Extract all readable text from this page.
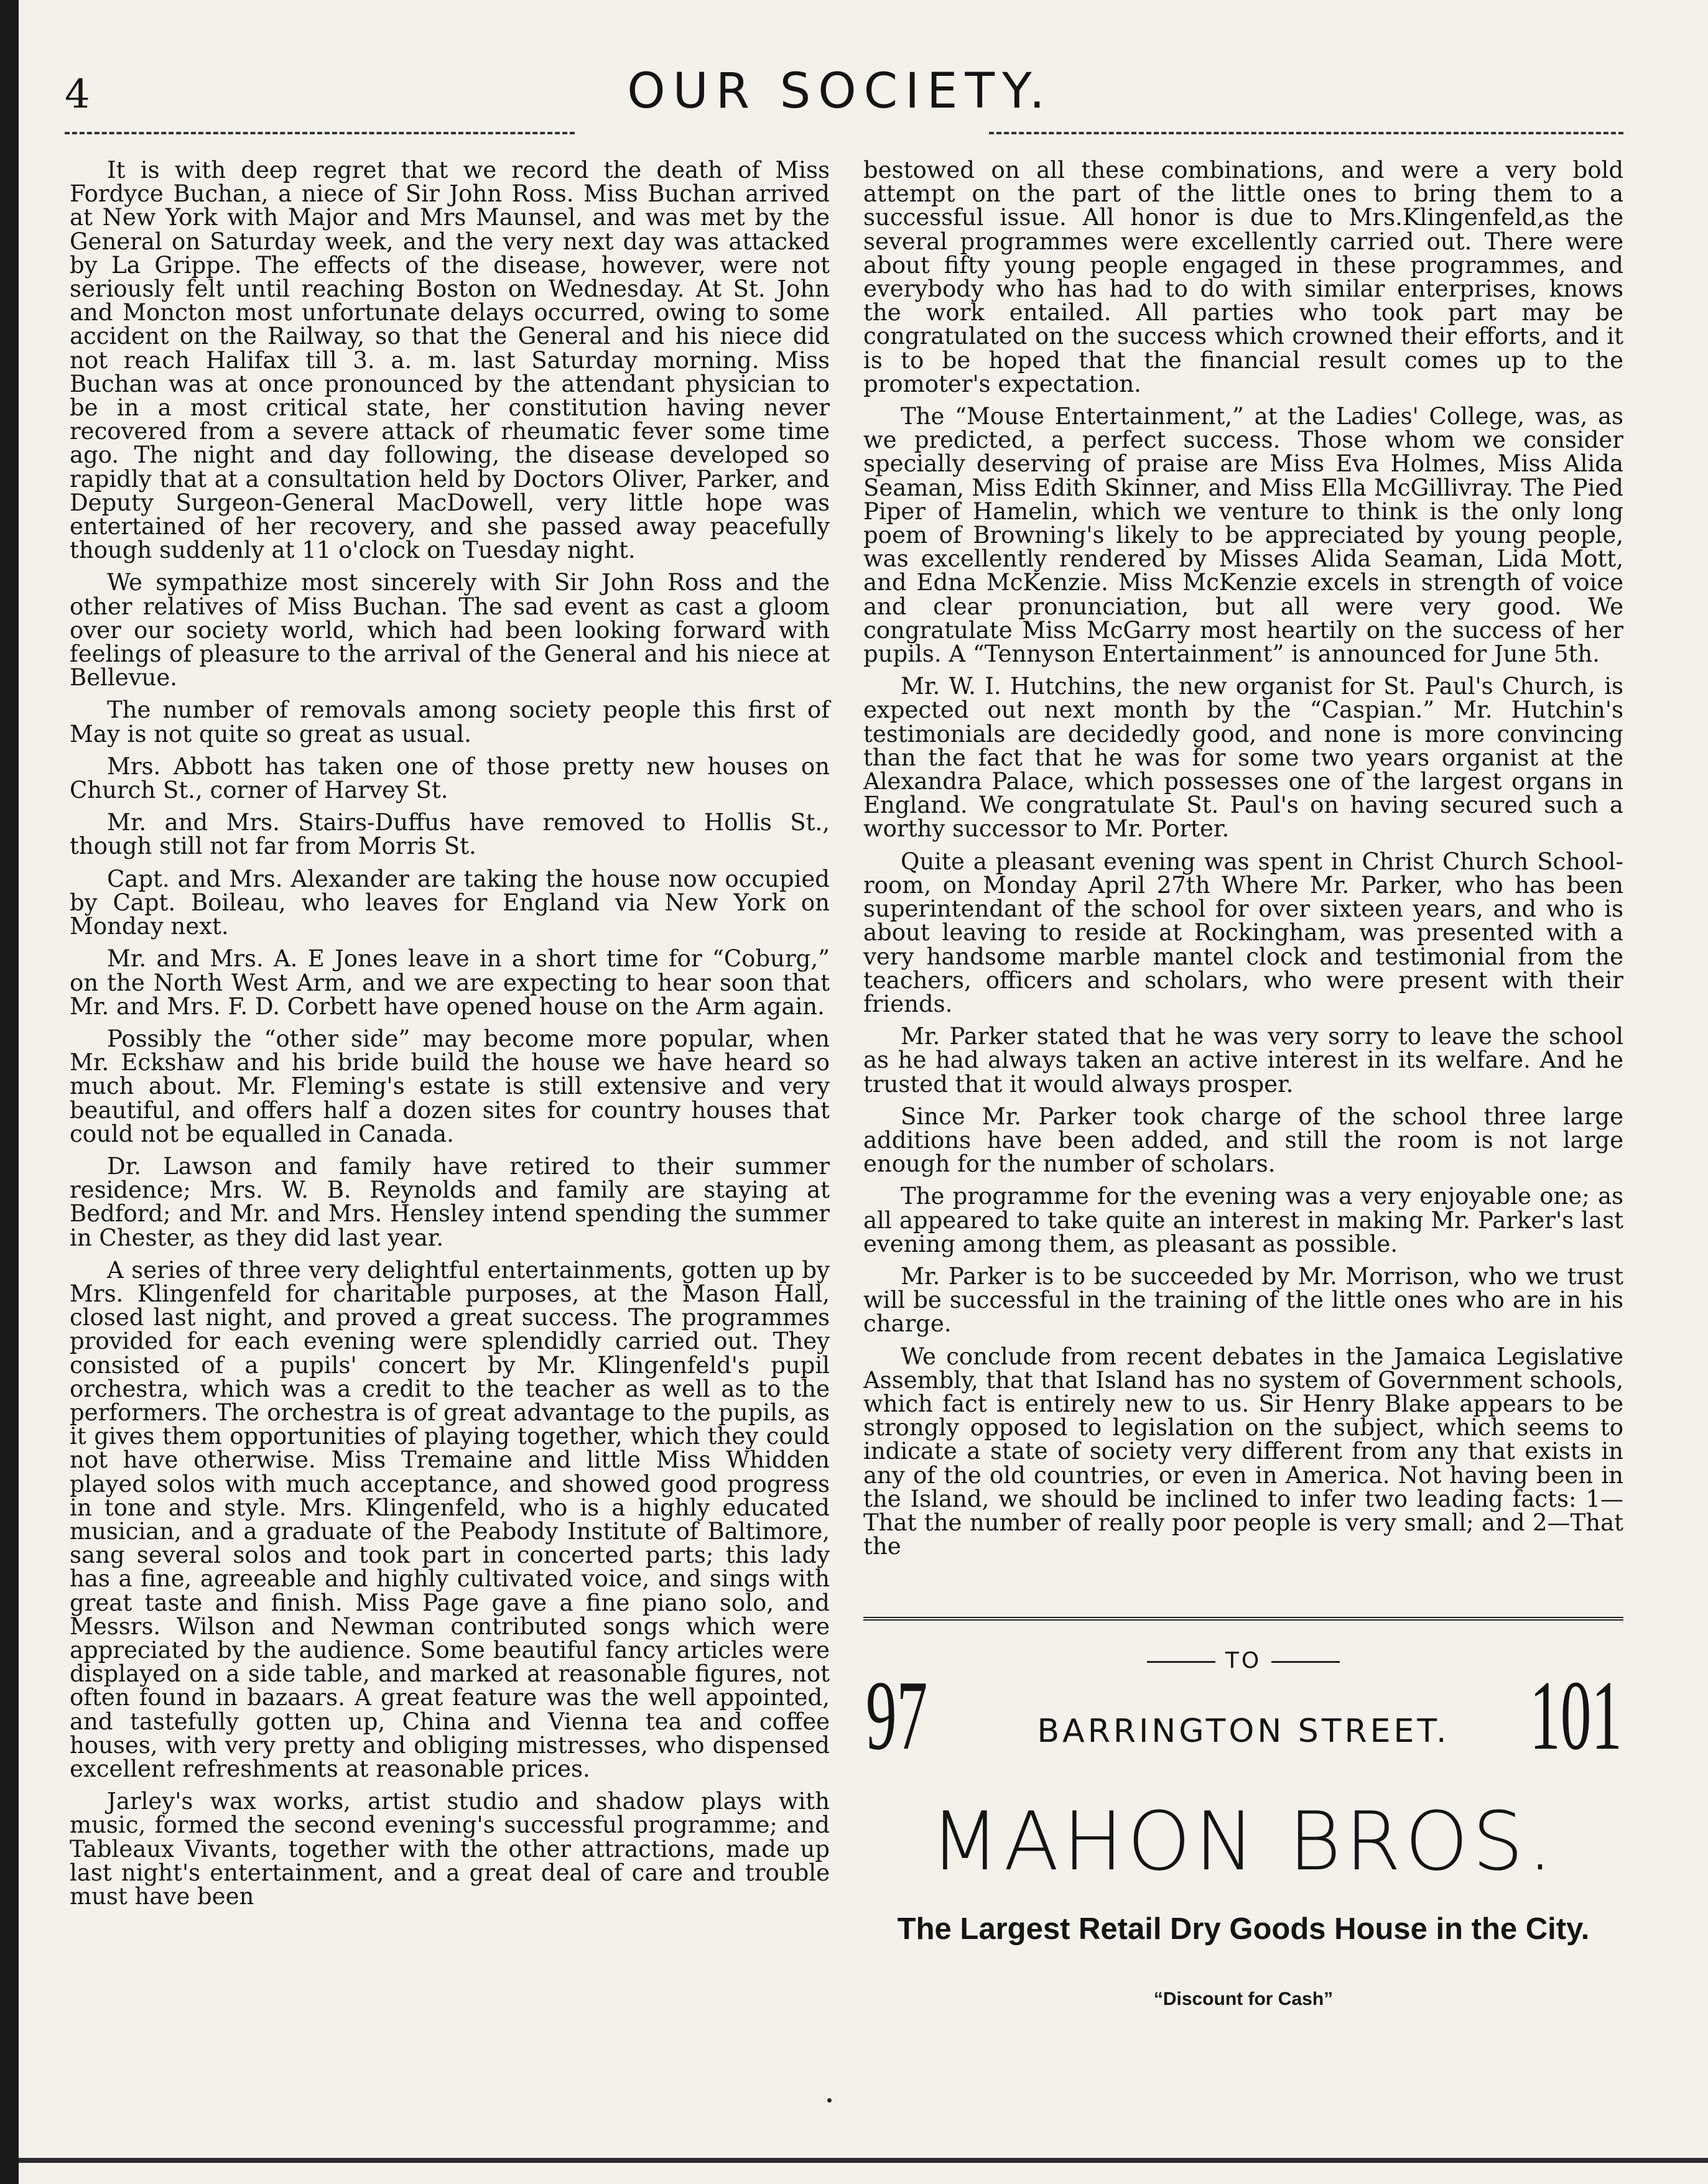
4	OUR SOCIETY.

It is with deep regret that we record the death of Miss Fordyce Buchan, a niece of Sir John Ross. Miss Buchan arrived at New York with Major and Mrs Maunsel, and was met by the General on Saturday week, and the very next day was attacked by La Grippe. The effects of the disease, however, were not seriously felt until reaching Boston on Wednesday. At St. John and Moncton most unfortunate delays occurred, owing to some accident on the Railway, so that the General and his niece did not reach Halifax till 3. a. m. last Saturday morning. Miss Buchan was at once pronounced by the attendant physician to be in a most critical state, her constitution having never recovered from a severe attack of rheumatic fever some time ago. The night and day following, the disease developed so rapidly that at a consultation held by Doctors Oliver, Parker, and Deputy Surgeon-General MacDowell, very little hope was entertained of her recovery, and she passed away peacefully though suddenly at 11 o'clock on Tuesday night.

We sympathize most sincerely with Sir John Ross and the other relatives of Miss Buchan. The sad event as cast a gloom over our society world, which had been looking forward with feelings of pleasure to the arrival of the General and his niece at Bellevue.

The number of removals among society people this first of May is not quite so great as usual.

Mrs. Abbott has taken one of those pretty new houses on Church St., corner of Harvey St.

Mr. and Mrs. Stairs-Duffus have removed to Hollis St., though still not far from Morris St.

Capt. and Mrs. Alexander are taking the house now occupied by Capt. Boileau, who leaves for England via New York on Monday next.

Mr. and Mrs. A. E Jones leave in a short time for “Coburg,” on the North West Arm, and we are expecting to hear soon that Mr. and Mrs. F. D. Corbett have opened house on the Arm again.

Possibly the “other side” may become more popular, when Mr. Eckshaw and his bride build the house we have heard so much about. Mr. Fleming's estate is still extensive and very beautiful, and offers half a dozen sites for country houses that could not be equalled in Canada.

Dr. Lawson and family have retired to their summer residence; Mrs. W. B. Reynolds and family are staying at Bedford; and Mr. and Mrs. Hensley intend spending the summer in Chester, as they did last year.

A series of three very delightful entertainments, gotten up by Mrs. Klingenfeld for charitable purposes, at the Mason Hall, closed last night, and proved a great success. The programmes provided for each evening were splendidly carried out. They consisted of a pupils' concert by Mr. Klingenfeld's pupil orchestra, which was a credit to the teacher as well as to the performers. The orchestra is of great advantage to the pupils, as it gives them opportunities of playing together, which they could not have otherwise. Miss Tremaine and little Miss Whidden played solos with much acceptance, and showed good progress in tone and style. Mrs. Klingenfeld, who is a highly educated musician, and a graduate of the Peabody Institute of Baltimore, sang several solos and took part in concerted parts; this lady has a fine, agreeable and highly cultivated voice, and sings with great taste and finish. Miss Page gave a fine piano solo, and Messrs. Wilson and Newman contributed songs which were appreciated by the audience. Some beautiful fancy articles were displayed on a side table, and marked at reasonable figures, not often found in bazaars. A great feature was the well appointed, and tastefully gotten up, China and Vienna tea and coffee houses, with very pretty and obliging mistresses, who dispensed excellent refreshments at reasonable prices.

Jarley's wax works, artist studio and shadow plays with music, formed the second evening's successful programme; and Tableaux Vivants, together with the other attractions, made up last night's entertainment, and a great deal of care and trouble must have been

bestowed on all these combinations, and were a very bold attempt on the part of the little ones to bring them to a successful issue. All honor is due to Mrs.Klingenfeld,as the several programmes were excellently carried out. There were about fifty young people engaged in these programmes, and everybody who has had to do with similar enterprises, knows the work entailed. All parties who took part may be congratulated on the success which crowned their efforts, and it is to be hoped that the financial result comes up to the promoter's expectation.

The “Mouse Entertainment,” at the Ladies' College, was, as we predicted, a perfect success. Those whom we consider specially deserving of praise are Miss Eva Holmes, Miss Alida Seaman, Miss Edith Skinner, and Miss Ella McGillivray. The Pied Piper of Hamelin, which we venture to think is the only long poem of Browning's likely to be appreciated by young people, was excellently rendered by Misses Alida Seaman, Lida Mott, and Edna McKenzie. Miss McKenzie excels in strength of voice and clear pronunciation, but all were very good. We congratulate Miss McGarry most heartily on the success of her pupils. A “Tennyson Entertainment” is announced for June 5th.

Mr. W. I. Hutchins, the new organist for St. Paul's Church, is expected out next month by the “Caspian.” Mr. Hutchin's testimonials are decidedly good, and none is more convincing than the fact that he was for some two years organist at the Alexandra Palace, which possesses one of the largest organs in England. We congratulate St. Paul's on having secured such a worthy successor to Mr. Porter.

Quite a pleasant evening was spent in Christ Church School-room, on Monday April 27th Where Mr. Parker, who has been superintendant of the school for over sixteen years, and who is about leaving to reside at Rockingham, was presented with a very handsome marble mantel clock and testimonial from the teachers, officers and scholars, who were present with their friends.

Mr. Parker stated that he was very sorry to leave the school as he had always taken an active interest in its welfare. And he trusted that it would always prosper.

Since Mr. Parker took charge of the school three large additions have been added, and still the room is not large enough for the number of scholars.

The programme for the evening was a very enjoyable one; as all appeared to take quite an interest in making Mr. Parker's last evening among them, as pleasant as possible.

Mr. Parker is to be succeeded by Mr. Morrison, who we trust will be successful in the training of the little ones who are in his charge.

We conclude from recent debates in the Jamaica Legislative Assembly, that that Island has no system of Government schools, which fact is entirely new to us. Sir Henry Blake appears to be strongly opposed to legislation on the subject, which seems to indicate a state of society very different from any that exists in any of the old countries, or even in America. Not having been in the Island, we should be inclined to infer two leading facts: 1—That the number of really poor people is very small; and 2—That the

TO
97	BARRINGTON STREET. 101
MAHON BROS.
The Largest Retail Dry Goods House in the City.
“Discount for Cash”
